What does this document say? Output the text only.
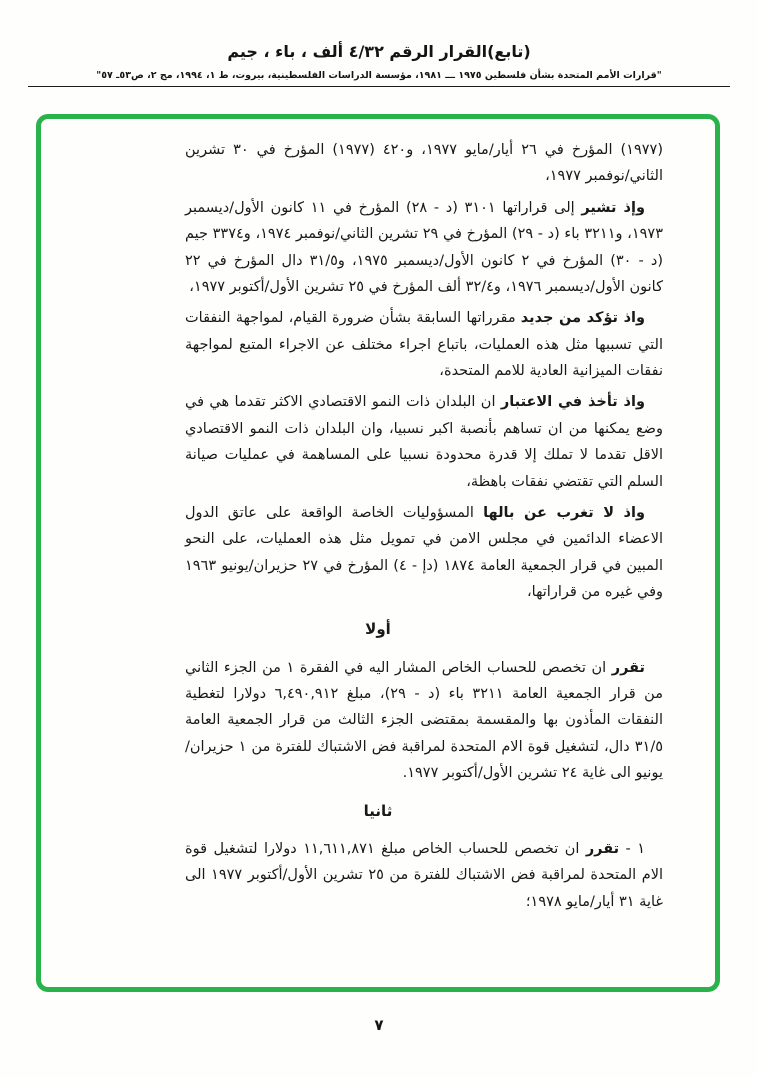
(تابع)القرار الرقم ٤/٣٢ ألف ، باء ، جيم
"قرارات الأمم المتحدة بشأن فلسطين ١٩٧٥ ـــ ١٩٨١، مؤسسة الدراسات الفلسطينية، بيروت، ط ١، ١٩٩٤، مج ٢، ص٥٣ـ ٥٧"

(١٩٧٧) المؤرخ في ٢٦ أيار/مايو ١٩٧٧، و٤٢٠ (١٩٧٧) المؤرخ في ٣٠ تشرين الثاني/نوفمبر ١٩٧٧،

وإذ تشير إلى قراراتها ٣١٠١ (د - ٢٨) المؤرخ في ١١ كانون الأول/ديسمبر ١٩٧٣، و٣٢١١ باء (د - ٢٩) المؤرخ في ٢٩ تشرين الثاني/نوفمبر ١٩٧٤، و٣٣٧٤ جيم (د - ٣٠) المؤرخ في ٢ كانون الأول/ديسمبر ١٩٧٥، و٣١/٥ دال المؤرخ في ٢٢ كانون الأول/ديسمبر ١٩٧٦، و٣٢/٤ ألف المؤرخ في ٢٥ تشرين الأول/أكتوبر ١٩٧٧،

واذ تؤكد من جديد مقرراتها السابقة بشأن ضرورة القيام، لمواجهة النفقات التي تسببها مثل هذه العمليات، باتباع اجراء مختلف عن الاجراء المتبع لمواجهة نفقات الميزانية العادية للامم المتحدة،

واذ تأخذ في الاعتبار ان البلدان ذات النمو الاقتصادي الاكثر تقدما هي في وضع يمكنها من ان تساهم بأنصبة اكبر نسبيا، وان البلدان ذات النمو الاقتصادي الاقل تقدما لا تملك إلا قدرة محدودة نسبيا على المساهمة في عمليات صيانة السلم التي تقتضي نفقات باهظة،

واذ لا تغرب عن بالها المسؤوليات الخاصة الواقعة على عاتق الدول الاعضاء الدائمين في مجلس الامن في تمويل مثل هذه العمليات، على النحو المبين في قرار الجمعية العامة ١٨٧٤ (دإ - ٤) المؤرخ في ٢٧ حزيران/يونيو ١٩٦٣ وفي غيره من قراراتها،

أولا

تقرر ان تخصص للحساب الخاص المشار اليه في الفقرة ١ من الجزء الثاني من قرار الجمعية العامة ٣٢١١ باء (د - ٢٩)، مبلغ ٦,٤٩٠,٩١٢ دولارا لتغطية النفقات المأذون بها والمقسمة بمقتضى الجزء الثالث من قرار الجمعية العامة ٣١/٥ دال، لتشغيل قوة الام المتحدة لمراقبة فض الاشتباك للفترة من ١ حزيران/يونيو الى غاية ٢٤ تشرين الأول/أكتوبر ١٩٧٧.

ثانيا

١ - تقرر ان تخصص للحساب الخاص مبلغ ١١,٦١١,٨٧١ دولارا لتشغيل قوة الام المتحدة لمراقبة فض الاشتباك للفترة من ٢٥ تشرين الأول/أكتوبر ١٩٧٧ الى غاية ٣١ أيار/مايو ١٩٧٨؛

٧
